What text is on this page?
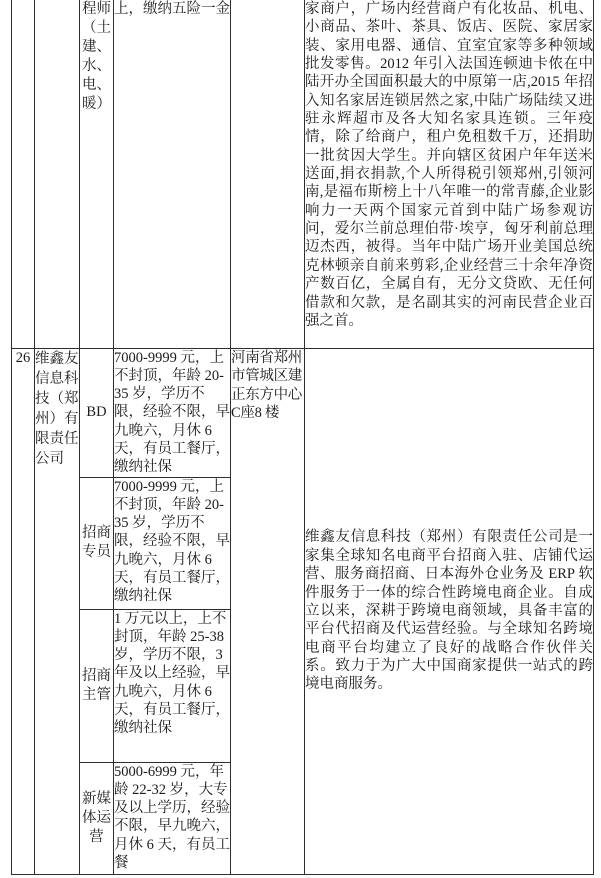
		程师（土建、水、电、暖）	上，缴纳五险一金		家商户，广场内经营商户有化妆品、机电、小商品、茶叶、茶具、饭店、医院、家居家装、家用电器、通信、宜室宜家等多种领域批发零售。2012 年引入法国连顿迪卡侬在中陆开办全国面积最大的中原第一店,2015 年招入知名家居连锁居然之家,中陆广场陆续又进驻永辉超市及各大知名家具连锁。三年疫情，除了给商户，租户免租数千万，还捐助一批贫因大学生。并向辖区贫困户年年送米送面,捐衣捐款,个人所得税引领郑州,引领河南,是福布斯榜上十八年唯一的常青藤,企业影响力一天两个国家元首到中陆广场参观访问，爱尔兰前总理伯带·埃亨，匈牙利前总理迈杰西，被得。当年中陆广场开业美国总统克林顿亲自前来剪彩,企业经营三十余年净资产数百亿，全属自有，无分文贷欧、无任何借款和欠款，是名副其实的河南民营企业百强之首。
26	维鑫友信息科技（郑州）有限责任公司	BD	7000-9999 元，上不封顶，年龄 20-35 岁，学历不限，经验不限，早九晚六，月休 6 天，有员工餐厅，缴纳社保	河南省郑州市管城区建正东方中心C座8 楼	维鑫友信息科技（郑州）有限责任公司是一家集全球知名电商平台招商入驻、店铺代运营、服务商招商、日本海外仓业务及 ERP 软件服务于一体的综合性跨境电商企业。自成立以来，深耕于跨境电商领域，具备丰富的平台代招商及代运营经验。与全球知名跨境电商平台均建立了良好的战略合作伙伴关系。致力于为广大中国商家提供一站式的跨境电商服务。
		招商专员	7000-9999 元，上不封顶，年龄 20-35 岁，学历不限，经验不限，早九晚六，月休 6 天，有员工餐厅，缴纳社保		
		招商主管	1 万元以上，上不封顶，年龄 25-38 岁，学历不限，3 年及以上经验，早九晚六，月休 6 天，有员工餐厅，缴纳社保		
		新媒体运营	5000-6999 元，年龄 22-32 岁，大专及以上学历，经验不限，早九晚六，月休 6 天，有员工餐		
